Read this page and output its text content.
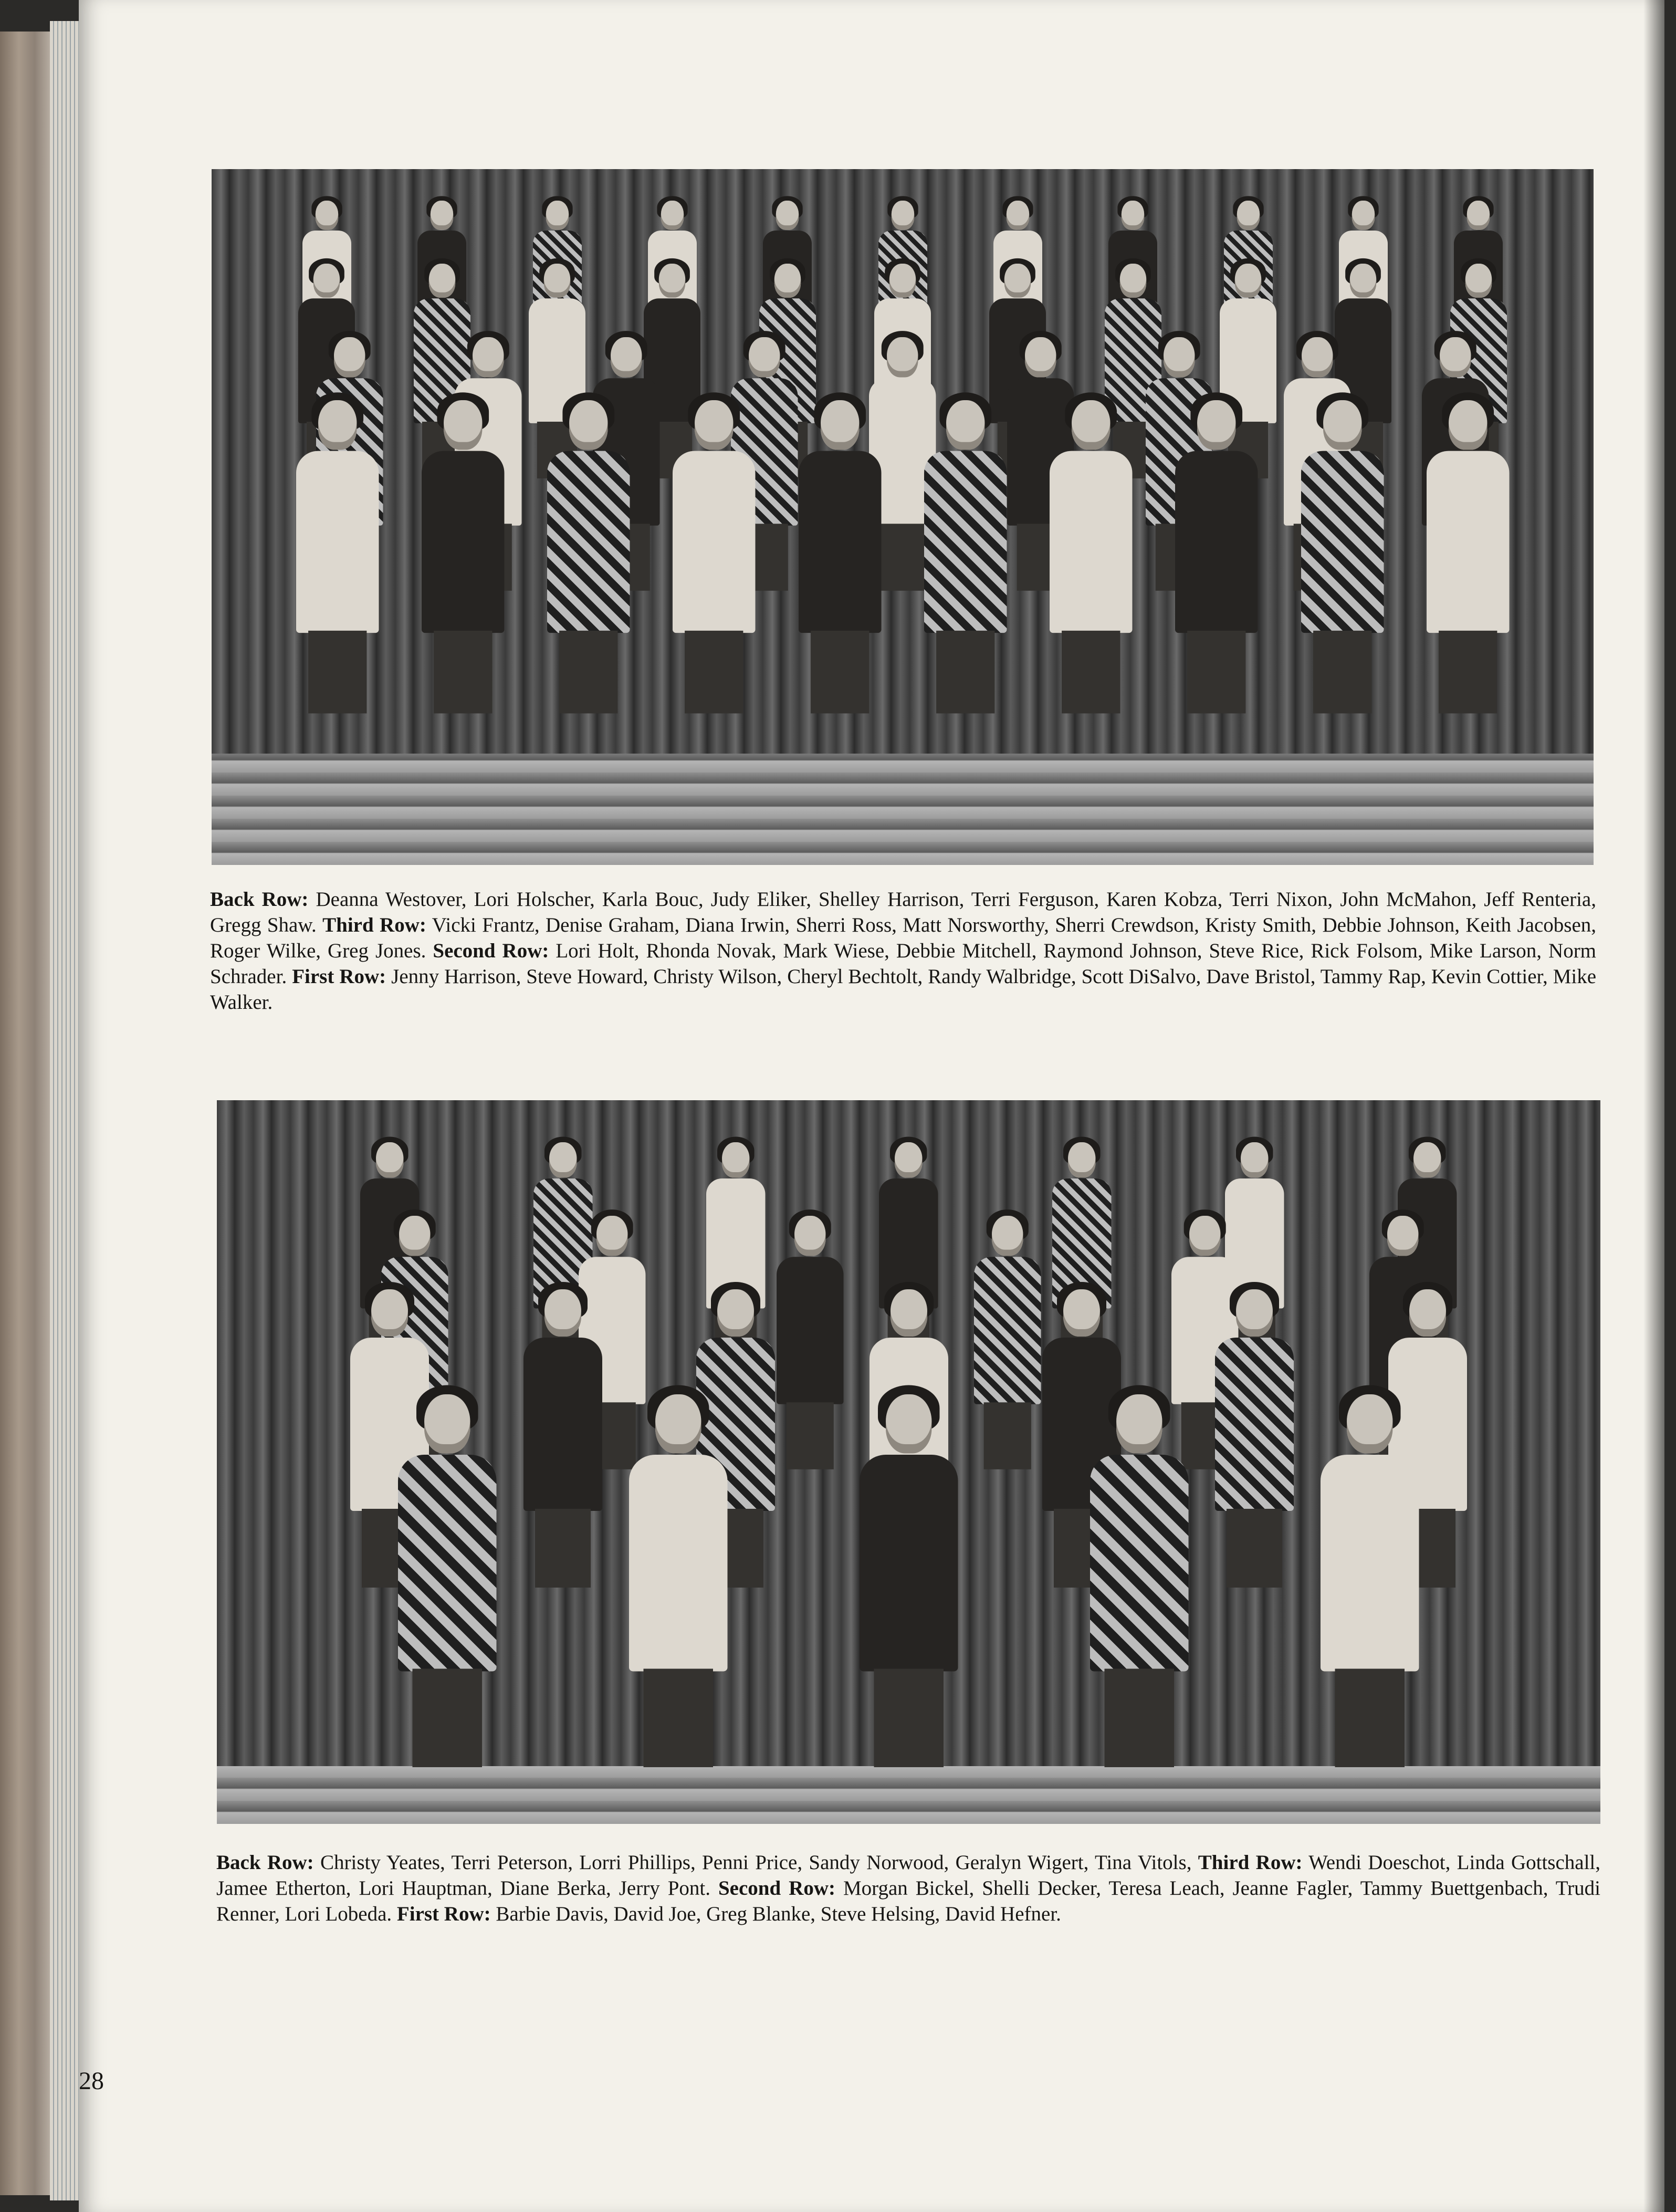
Back Row: Deanna Westover, Lori Holscher, Karla Bouc, Judy Eliker, Shelley Harrison, Terri Ferguson, Karen Kobza, Terri Nixon, John McMahon, Jeff Renteria, Gregg Shaw. Third Row: Vicki Frantz, Denise Graham, Diana Irwin, Sherri Ross, Matt Norsworthy, Sherri Crewdson, Kristy Smith, Debbie Johnson, Keith Jacobsen, Roger Wilke, Greg Jones. Second Row: Lori Holt, Rhonda Novak, Mark Wiese, Debbie Mitchell, Raymond Johnson, Steve Rice, Rick Folsom, Mike Larson, Norm Schrader. First Row: Jenny Harrison, Steve Howard, Christy Wilson, Cheryl Bechtolt, Randy Walbridge, Scott DiSalvo, Dave Bristol, Tammy Rap, Kevin Cottier, Mike Walker.
Back Row: Christy Yeates, Terri Peterson, Lorri Phillips, Penni Price, Sandy Norwood, Geralyn Wigert, Tina Vitols, Third Row: Wendi Doeschot, Linda Gottschall, Jamee Etherton, Lori Hauptman, Diane Berka, Jerry Pont. Second Row: Morgan Bickel, Shelli Decker, Teresa Leach, Jeanne Fagler, Tammy Buettgenbach, Trudi Renner, Lori Lobeda. First Row: Barbie Davis, David Joe, Greg Blanke, Steve Helsing, David Hefner.
28
